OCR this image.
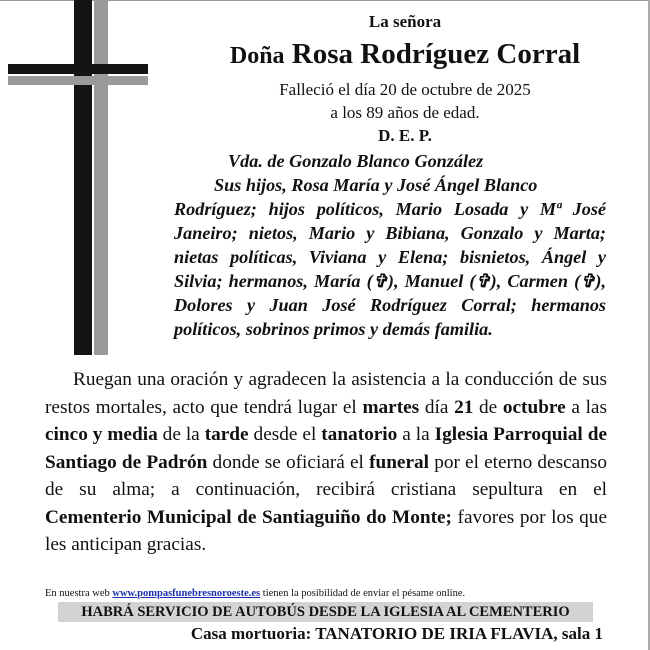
La señora
Doña Rosa Rodríguez Corral
Falleció el día 20 de octubre de 2025
a los 89 años de edad.
D. E. P.
Vda. de Gonzalo Blanco González
Sus hijos, Rosa María y José Ángel Blanco
Rodríguez; hijos políticos, Mario Losada y Mª José Janeiro; nietos, Mario y Bibiana, Gonzalo y Marta; nietas políticas, Viviana y Elena; bisnietos, Ángel y Silvia; hermanos, María (✞), Manuel (✞), Carmen (✞), Dolores y Juan José Rodríguez Corral; hermanos políticos, sobrinos primos y demás familia.
Ruegan una oración y agradecen la asistencia a la conducción de sus restos mortales, acto que tendrá lugar el martes día 21 de octubre a las cinco y media de la tarde desde el tanatorio a la Iglesia Parroquial de Santiago de Padrón donde se oficiará el funeral por el eterno descanso de su alma; a continuación, recibirá cristiana sepultura en el Cementerio Municipal de Santiaguiño do Monte; favores por los que les anticipan gracias.
En nuestra web www.pompasfunebresnoroeste.es tienen la posibilidad de enviar el pésame online.
HABRÁ SERVICIO DE AUTOBÚS DESDE LA IGLESIA AL CEMENTERIO
Casa mortuoria: TANATORIO DE IRIA FLAVIA, sala 1
